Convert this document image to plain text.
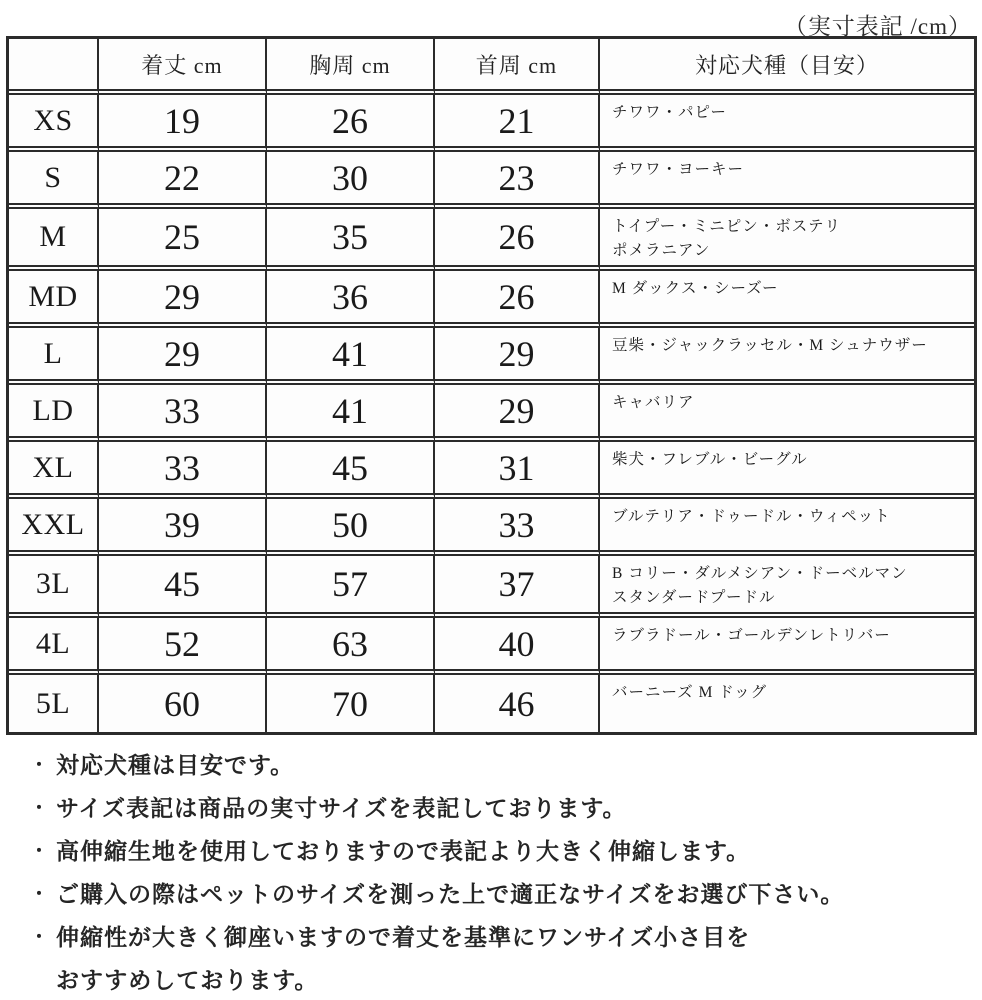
（実寸表記 /cm）
	着丈 cm	胸周 cm	首周 cm	対応犬種（目安）
XS	19	26	21	チワワ・パピー

S	22	30	23	チワワ・ヨーキー

M	25	35	26	トイプー・ミニピン・ボステリ
ポメラニアン

MD	29	36	26	M ダックス・シーズー

L	29	41	29	豆柴・ジャックラッセル・M シュナウザー

LD	33	41	29	キャバリア

XL	33	45	31	柴犬・フレブル・ビーグル

XXL	39	50	33	ブルテリア・ドゥードル・ウィペット

3L	45	57	37	B コリー・ダルメシアン・ドーベルマン
スタンダードプードル

4L	52	63	40	ラブラドール・ゴールデンレトリバー

5L	60	70	46	バーニーズ M ドッグ
・ 対応犬種は目安です。
・ サイズ表記は商品の実寸サイズを表記しております。
・ 高伸縮生地を使用しておりますので表記より大きく伸縮します。
・ ご購入の際はペットのサイズを測った上で適正なサイズをお選び下さい。
・ 伸縮性が大きく御座いますので着丈を基準にワンサイズ小さ目を
おすすめしております。
